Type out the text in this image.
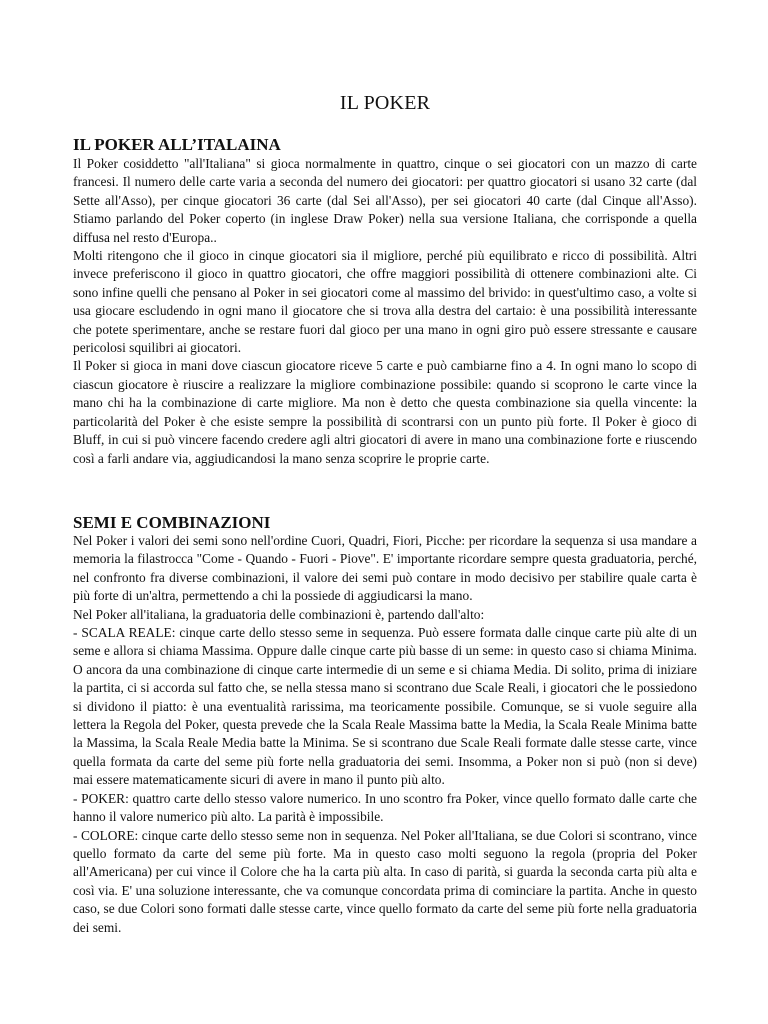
IL POKER
IL POKER ALL’ITALAINA

Il Poker cosiddetto "all'Italiana" si gioca normalmente in quattro, cinque o sei giocatori con un mazzo di carte francesi. Il numero delle carte varia a seconda del numero dei giocatori: per quattro giocatori si usano 32 carte (dal Sette all'Asso), per cinque giocatori 36 carte (dal Sei all'Asso), per sei giocatori 40 carte (dal Cinque all'Asso). Stiamo parlando del Poker coperto (in inglese Draw Poker) nella sua versione Italiana, che corrisponde a quella diffusa nel resto d'Europa..

Molti ritengono che il gioco in cinque giocatori sia il migliore, perché più equilibrato e ricco di possibilità. Altri invece preferiscono il gioco in quattro giocatori, che offre maggiori possibilità di ottenere combinazioni alte. Ci sono infine quelli che pensano al Poker in sei giocatori come al massimo del brivido: in quest'ultimo caso, a volte si usa giocare escludendo in ogni mano il giocatore che si trova alla destra del cartaio: è una possibilità interessante che potete sperimentare, anche se restare fuori dal gioco per una mano in ogni giro può essere stressante e causare pericolosi squilibri ai giocatori.

Il Poker si gioca in mani dove ciascun giocatore riceve 5 carte e può cambiarne fino a 4. In ogni mano lo scopo di ciascun giocatore è riuscire a realizzare la migliore combinazione possibile: quando si scoprono le carte vince la mano chi ha la combinazione di carte migliore. Ma non è detto che questa combinazione sia quella vincente: la particolarità del Poker è che esiste sempre la possibilità di scontrarsi con un punto più forte. Il Poker è gioco di Bluff, in cui si può vincere facendo credere agli altri giocatori di avere in mano una combinazione forte e riuscendo così a farli andare via, aggiudicandosi la mano senza scoprire le proprie carte.

SEMI E COMBINAZIONI

Nel Poker i valori dei semi sono nell'ordine Cuori, Quadri, Fiori, Picche: per ricordare la sequenza si usa mandare a memoria la filastrocca "Come - Quando - Fuori - Piove". E' importante ricordare sempre questa graduatoria, perché, nel confronto fra diverse combinazioni, il valore dei semi può contare in modo decisivo per stabilire quale carta è più forte di un'altra, permettendo a chi la possiede di aggiudicarsi la mano.

Nel Poker all'italiana, la graduatoria delle combinazioni è, partendo dall'alto:

- SCALA REALE: cinque carte dello stesso seme in sequenza. Può essere formata dalle cinque carte più alte di un seme e allora si chiama Massima. Oppure dalle cinque carte più basse di un seme: in questo caso si chiama Minima. O ancora da una combinazione di cinque carte intermedie di un seme e si chiama Media. Di solito, prima di iniziare la partita, ci si accorda sul fatto che, se nella stessa mano si scontrano due Scale Reali, i giocatori che le possiedono si dividono il piatto: è una eventualità rarissima, ma teoricamente possibile. Comunque, se si vuole seguire alla lettera la Regola del Poker, questa prevede che la Scala Reale Massima batte la Media, la Scala Reale Minima batte la Massima, la Scala Reale Media batte la Minima. Se si scontrano due Scale Reali formate dalle stesse carte, vince quella formata da carte del seme più forte nella graduatoria dei semi. Insomma, a Poker non si può (non si deve) mai essere matematicamente sicuri di avere in mano il punto più alto.

- POKER: quattro carte dello stesso valore numerico. In uno scontro fra Poker, vince quello formato dalle carte che hanno il valore numerico più alto. La parità è impossibile.

- COLORE: cinque carte dello stesso seme non in sequenza. Nel Poker all'Italiana, se due Colori si scontrano, vince quello formato da carte del seme più forte. Ma in questo caso molti seguono la regola (propria del Poker all'Americana) per cui vince il Colore che ha la carta più alta. In caso di parità, si guarda la seconda carta più alta e così via. E' una soluzione interessante, che va comunque concordata prima di cominciare la partita. Anche in questo caso, se due Colori sono formati dalle stesse carte, vince quello formato da carte del seme più forte nella graduatoria dei semi.
